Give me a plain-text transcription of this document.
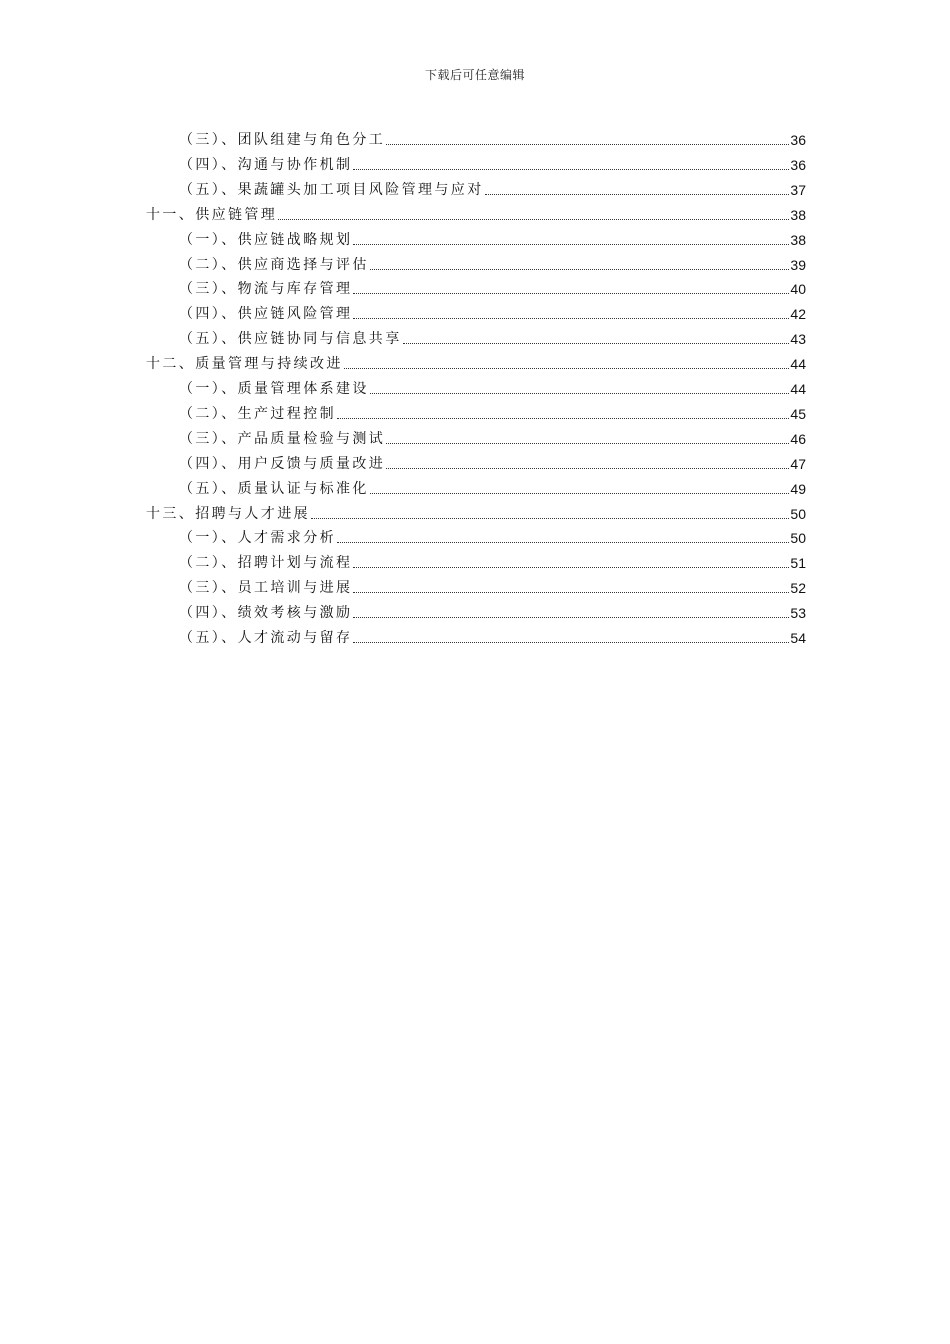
下载后可任意编辑
（三）、团队组建与角色分工	36
（四）、沟通与协作机制	36
（五）、果蔬罐头加工项目风险管理与应对	37
十一、供应链管理	38
（一）、供应链战略规划	38
（二）、供应商选择与评估	39
（三）、物流与库存管理	40
（四）、供应链风险管理	42
（五）、供应链协同与信息共享	43
十二、质量管理与持续改进	44
（一）、质量管理体系建设	44
（二）、生产过程控制	45
（三）、产品质量检验与测试	46
（四）、用户反馈与质量改进	47
（五）、质量认证与标准化	49
十三、招聘与人才进展	50
（一）、人才需求分析	50
（二）、招聘计划与流程	51
（三）、员工培训与进展	52
（四）、绩效考核与激励	53
（五）、人才流动与留存	54
